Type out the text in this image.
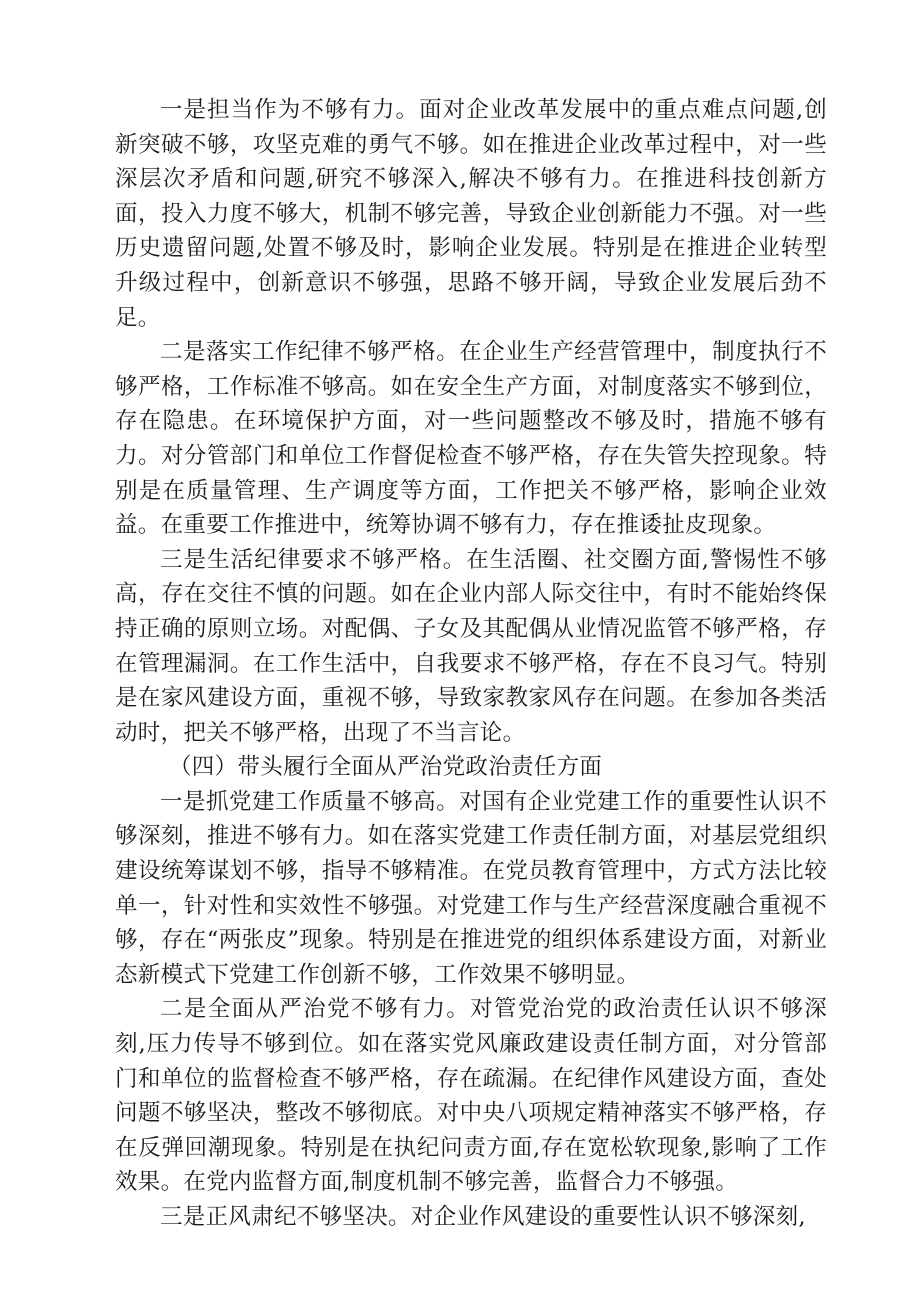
一是担当作为不够有力。面对企业改革发展中的重点难点问题,创新突破不够，攻坚克难的勇气不够。如在推进企业改革过程中，对一些深层次矛盾和问题,研究不够深入,解决不够有力。在推进科技创新方面，投入力度不够大，机制不够完善，导致企业创新能力不强。对一些历史遗留问题,处置不够及时，影响企业发展。特别是在推进企业转型升级过程中，创新意识不够强，思路不够开阔，导致企业发展后劲不足。

二是落实工作纪律不够严格。在企业生产经营管理中，制度执行不够严格，工作标准不够高。如在安全生产方面，对制度落实不够到位，存在隐患。在环境保护方面，对一些问题整改不够及时，措施不够有力。对分管部门和单位工作督促检查不够严格，存在失管失控现象。特别是在质量管理、生产调度等方面，工作把关不够严格，影响企业效益。在重要工作推进中，统筹协调不够有力，存在推诿扯皮现象。

三是生活纪律要求不够严格。在生活圈、社交圈方面,警惕性不够高，存在交往不慎的问题。如在企业内部人际交往中，有时不能始终保持正确的原则立场。对配偶、子女及其配偶从业情况监管不够严格，存在管理漏洞。在工作生活中，自我要求不够严格，存在不良习气。特别是在家风建设方面，重视不够，导致家教家风存在问题。在参加各类活动时，把关不够严格，出现了不当言论。

（四）带头履行全面从严治党政治责任方面

一是抓党建工作质量不够高。对国有企业党建工作的重要性认识不够深刻，推进不够有力。如在落实党建工作责任制方面，对基层党组织建设统筹谋划不够，指导不够精准。在党员教育管理中，方式方法比较单一，针对性和实效性不够强。对党建工作与生产经营深度融合重视不够，存在“两张皮”现象。特别是在推进党的组织体系建设方面，对新业态新模式下党建工作创新不够，工作效果不够明显。

二是全面从严治党不够有力。对管党治党的政治责任认识不够深刻,压力传导不够到位。如在落实党风廉政建设责任制方面，对分管部门和单位的监督检查不够严格，存在疏漏。在纪律作风建设方面，查处问题不够坚决，整改不够彻底。对中央八项规定精神落实不够严格，存在反弹回潮现象。特别是在执纪问责方面,存在宽松软现象,影响了工作效果。在党内监督方面,制度机制不够完善，监督合力不够强。

三是正风肃纪不够坚决。对企业作风建设的重要性认识不够深刻,
